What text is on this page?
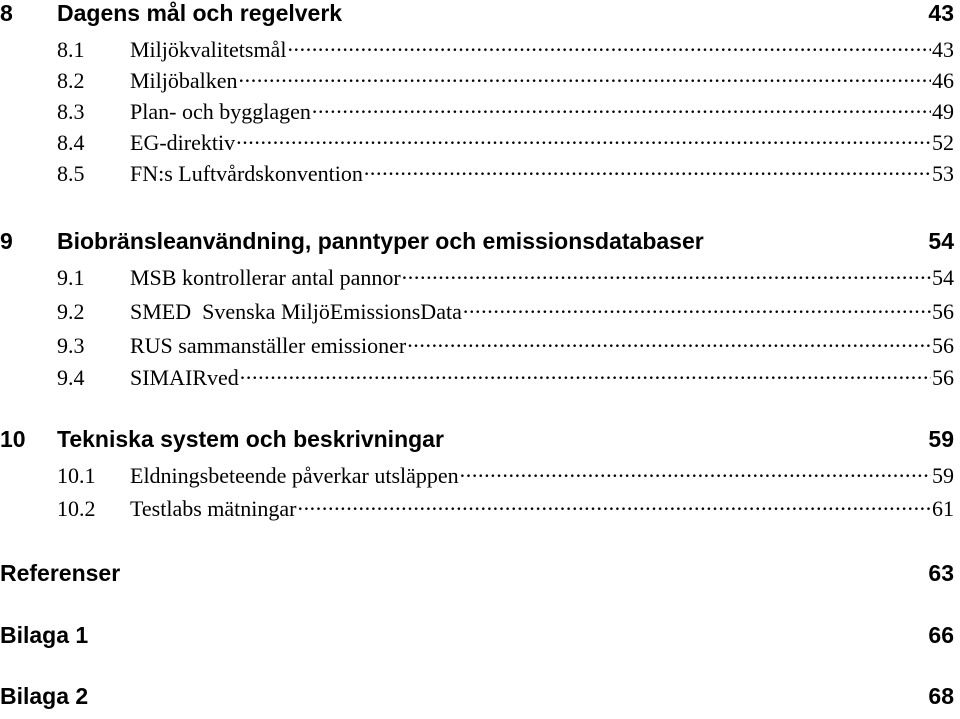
8	Dagens mål och regelverk	43
8.1	Miljökvalitetsmål .....	43
8.2	Miljöbalken .....	46
8.3	Plan- och bygglagen .....	49
8.4	EG-direktiv .....	52
8.5	FN:s Luftvårdskonvention .....	53
9	Biobränsleanvändning, panntyper och emissionsdatabaser	54
9.1	MSB kontrollerar antal pannor .....	54
9.2	SMED  Svenska MiljöEmissionsData .....	56
9.3	RUS sammanställer emissioner .....	56
9.4	SIMAIRved .....	56
10	Tekniska system och beskrivningar	59
10.1	Eldningsbeteende påverkar utsläppen .....	59
10.2	Testlabs mätningar .....	61
Referenser	63
Bilaga 1	66
Bilaga 2	68
